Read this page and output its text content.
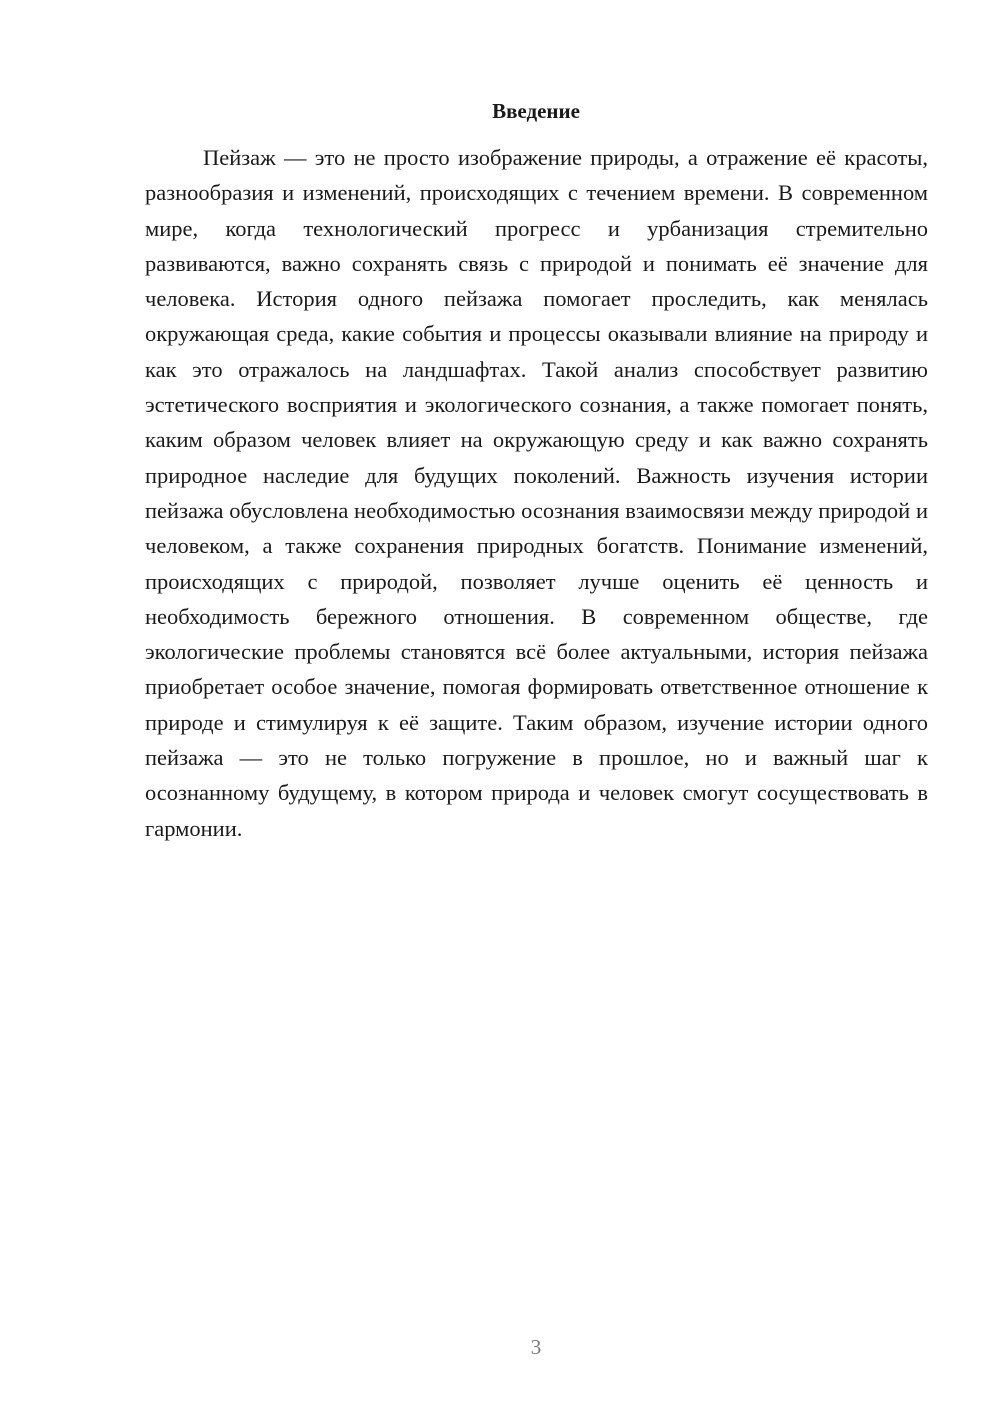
Введение

Пейзаж — это не просто изображение природы, а отражение её красоты, разнообразия и изменений, происходящих с течением времени. В современном мире, когда технологический прогресс и урбанизация стремительно развиваются, важно сохранять связь с природой и понимать её значение для человека. История одного пейзажа помогает проследить, как менялась окружающая среда, какие события и процессы оказывали влияние на природу и как это отражалось на ландшафтах. Такой анализ способствует развитию эстетического восприятия и экологического сознания, а также помогает понять, каким образом человек влияет на окружающую среду и как важно сохранять природное наследие для будущих поколений. Важность изучения истории пейзажа обусловлена необходимостью осознания взаимосвязи между природой и человеком, а также сохранения природных богатств. Понимание изменений, происходящих с природой, позволяет лучше оценить её ценность и необходимость бережного отношения. В современном обществе, где экологические проблемы становятся всё более актуальными, история пейзажа приобретает особое значение, помогая формировать ответственное отношение к природе и стимулируя к её защите. Таким образом, изучение истории одного пейзажа — это не только погружение в прошлое, но и важный шаг к осознанному будущему, в котором природа и человек смогут сосуществовать в гармонии.

3
